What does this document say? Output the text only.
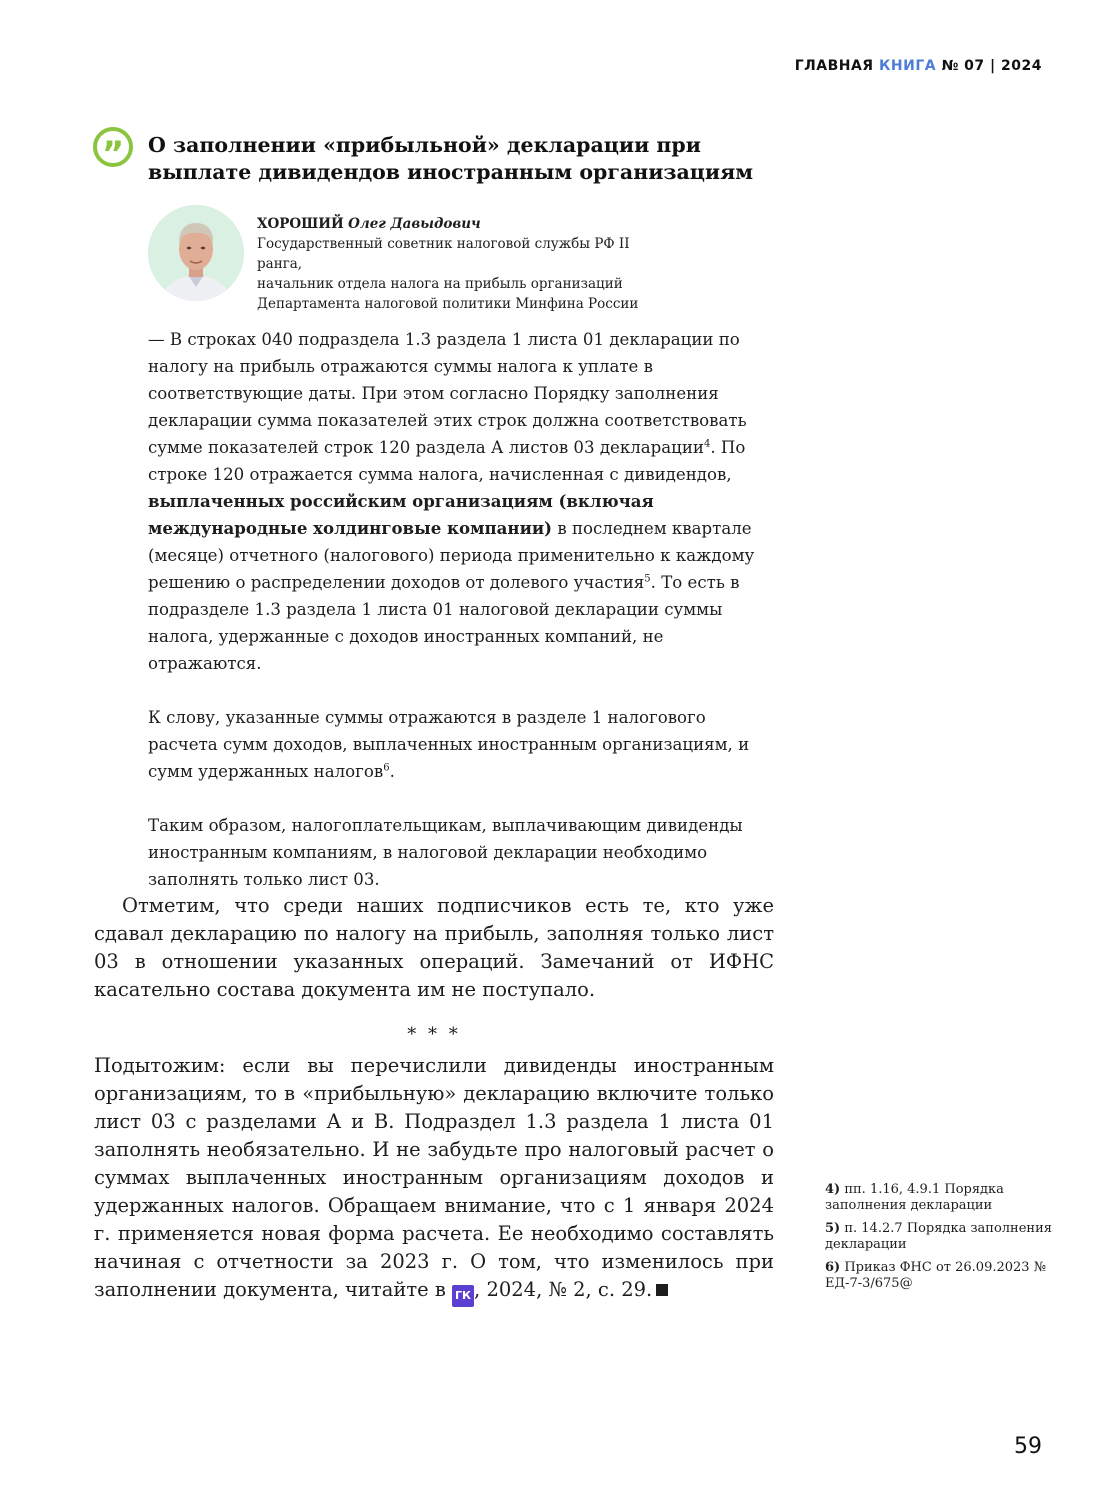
ГЛАВНАЯ КНИГА № 07 | 2024
”	О заполнении «прибыльной» декларации при выплате дивидендов иностранным организациям
ХОРОШИЙ Олег Давыдович
Государственный советник налоговой службы РФ II ранга,
начальник отдела налога на прибыль организаций
Департамента налоговой политики Минфина России

— В строках 040 подраздела 1.3 раздела 1 листа 01 декларации по налогу на прибыль отражаются суммы налога к уплате в соответствующие даты. При этом согласно Порядку заполнения декларации сумма показателей этих строк должна соответствовать сумме показателей строк 120 раздела А листов 03 декларации$^4$. По строке 120 отражается сумма налога, начисленная с дивидендов, выплаченных российским организациям (включая международные холдинговые компании) в последнем квартале (месяце) отчетного (налогового) периода применительно к каждому решению о распределении доходов от долевого участия$^5$. То есть в подразделе 1.3 раздела 1 листа 01 налоговой декларации суммы налога, удержанные с доходов иностранных компаний, не отражаются.

К слову, указанные суммы отражаются в разделе 1 налогового расчета сумм доходов, выплаченных иностранным организациям, и сумм удержанных налогов$^6$.

Таким образом, налогоплательщикам, выплачивающим дивиденды иностранным компаниям, в налоговой декларации необходимо заполнять только лист 03.

Отметим, что среди наших подписчиков есть те, кто уже сдавал декларацию по налогу на прибыль, заполняя только лист 03 в отношении указанных операций. Замечаний от ИФНС касательно состава документа им не поступало.

* * *

Подытожим: если вы перечислили дивиденды иностранным организациям, то в «прибыльную» декларацию включите только лист 03 с разделами А и В. Подраздел 1.3 раздела 1 листа 01 заполнять необязательно. И не забудьте про налоговый расчет о суммах выплаченных иностранным организациям доходов и удержанных налогов. Обращаем внимание, что с 1 января 2024 г. применяется новая форма расчета. Ее необходимо составлять начиная с отчетности за 2023 г. О том, что изменилось при заполнении документа, читайте в ГК , 2024, № 2, с. 29.

4) пп. 1.16, 4.9.1 Порядка заполнения декларации
5) п. 14.2.7 Порядка заполнения декларации
6) Приказ ФНС от 26.09.2023 № ЕД-7-3/675@
59
